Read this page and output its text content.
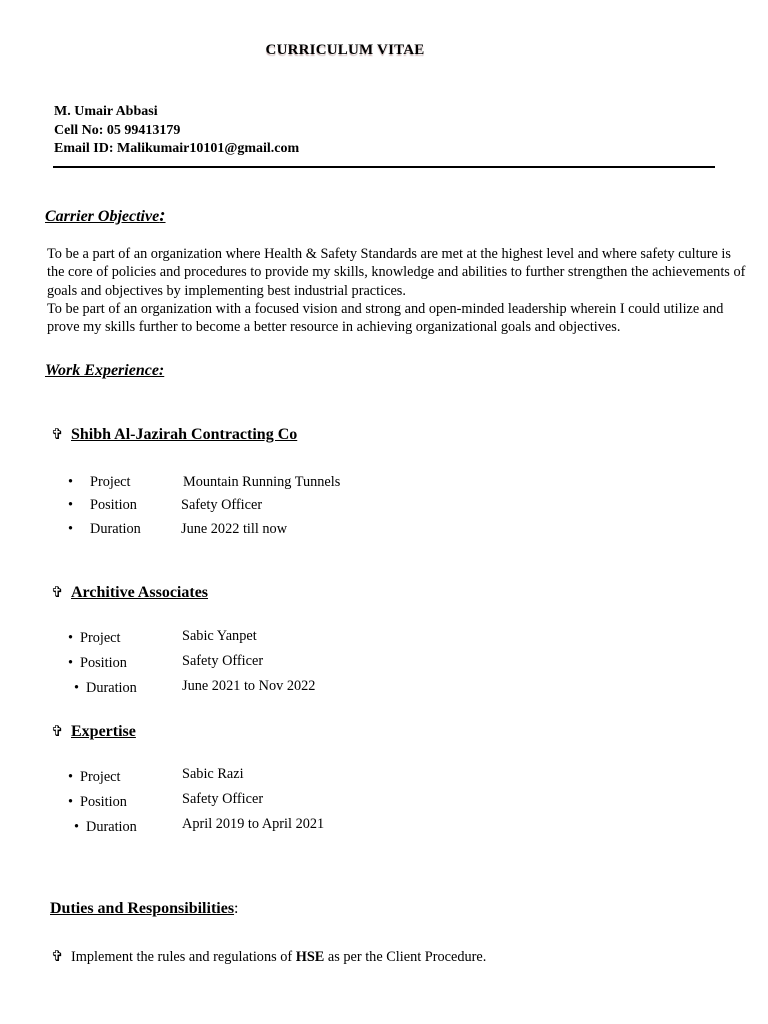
CURRICULUM VITAE
M. Umair Abbasi
Cell No: 05 99413179
Email ID: Malikumair10101@gmail.com
Carrier Objective:

To be a part of an organization where Health & Safety Standards are met at the highest level and where safety culture is the core of policies and procedures to provide my skills, knowledge and abilities to further strengthen the achievements of goals and objectives by implementing best industrial practices.

To be part of an organization with a focused vision and strong and open-minded leadership wherein I could utilize and prove my skills further to become a better resource in achieving organizational goals and objectives.

Work Experience:
✞ Shibh Al-Jazirah Contracting Co
• Project	Mountain Running Tunnels
• Position	Safety Officer
• Duration	June 2022 till now
✞ Architive Associates
• Project	Sabic Yanpet
• Position	Safety Officer
• Duration	June 2021 to Nov 2022
✞ Expertise
• Project	Sabic Razi
• Position	Safety Officer
• Duration	April 2019 to April 2021
Duties and Responsibilities:
✞ Implement the rules and regulations of HSE as per the Client Procedure.
